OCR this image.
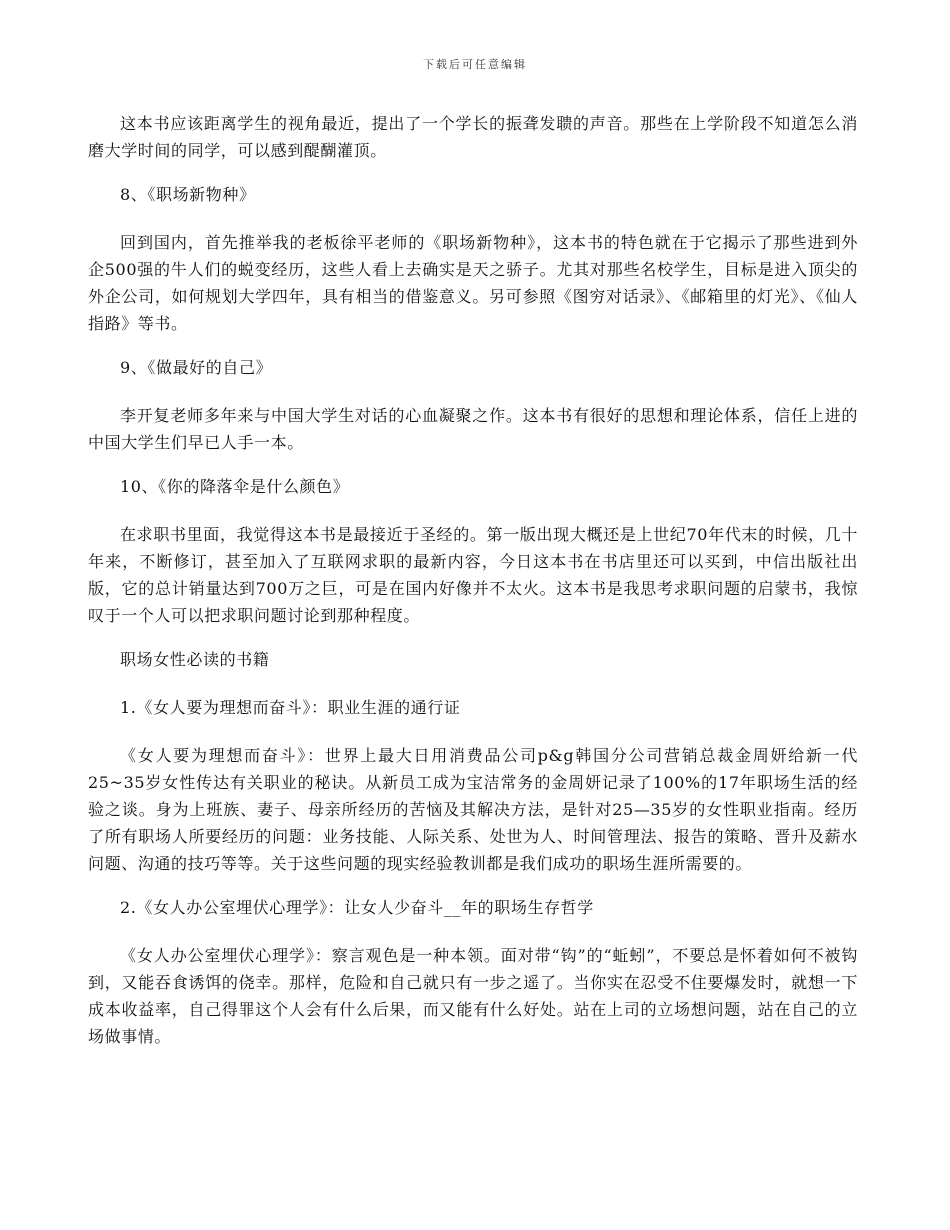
下载后可任意编辑

这本书应该距离学生的视角最近，提出了一个学长的振聋发聩的声音。那些在上学阶段不知道怎么消磨大学时间的同学，可以感到醍醐灌顶。

8、《职场新物种》

回到国内，首先推举我的老板徐平老师的《职场新物种》，这本书的特色就在于它揭示了那些进到外企500强的牛人们的蜕变经历，这些人看上去确实是天之骄子。尤其对那些名校学生，目标是进入顶尖的外企公司，如何规划大学四年，具有相当的借鉴意义。另可参照《图穷对话录》、《邮箱里的灯光》、《仙人指路》等书。

9、《做最好的自己》

李开复老师多年来与中国大学生对话的心血凝聚之作。这本书有很好的思想和理论体系，信任上进的中国大学生们早已人手一本。

10、《你的降落伞是什么颜色》

在求职书里面，我觉得这本书是最接近于圣经的。第一版出现大概还是上世纪70年代末的时候，几十年来，不断修订，甚至加入了互联网求职的最新内容，今日这本书在书店里还可以买到，中信出版社出版，它的总计销量达到700万之巨，可是在国内好像并不太火。这本书是我思考求职问题的启蒙书，我惊叹于一个人可以把求职问题讨论到那种程度。

职场女性必读的书籍

1.《女人要为理想而奋斗》：职业生涯的通行证

《女人要为理想而奋斗》：世界上最大日用消费品公司p&g韩国分公司营销总裁金周妍给新一代25~35岁女性传达有关职业的秘诀。从新员工成为宝洁常务的金周妍记录了100%的17年职场生活的经验之谈。身为上班族、妻子、母亲所经历的苦恼及其解决方法，是针对25—35岁的女性职业指南。经历了所有职场人所要经历的问题：业务技能、人际关系、处世为人、时间管理法、报告的策略、晋升及薪水问题、沟通的技巧等等。关于这些问题的现实经验教训都是我们成功的职场生涯所需要的。

2.《女人办公室埋伏心理学》：让女人少奋斗__年的职场生存哲学

《女人办公室埋伏心理学》：察言观色是一种本领。面对带“钩”的“蚯蚓”，不要总是怀着如何不被钩到，又能吞食诱饵的侥幸。那样，危险和自己就只有一步之遥了。当你实在忍受不住要爆发时，就想一下成本收益率，自己得罪这个人会有什么后果，而又能有什么好处。站在上司的立场想问题，站在自己的立场做事情。
